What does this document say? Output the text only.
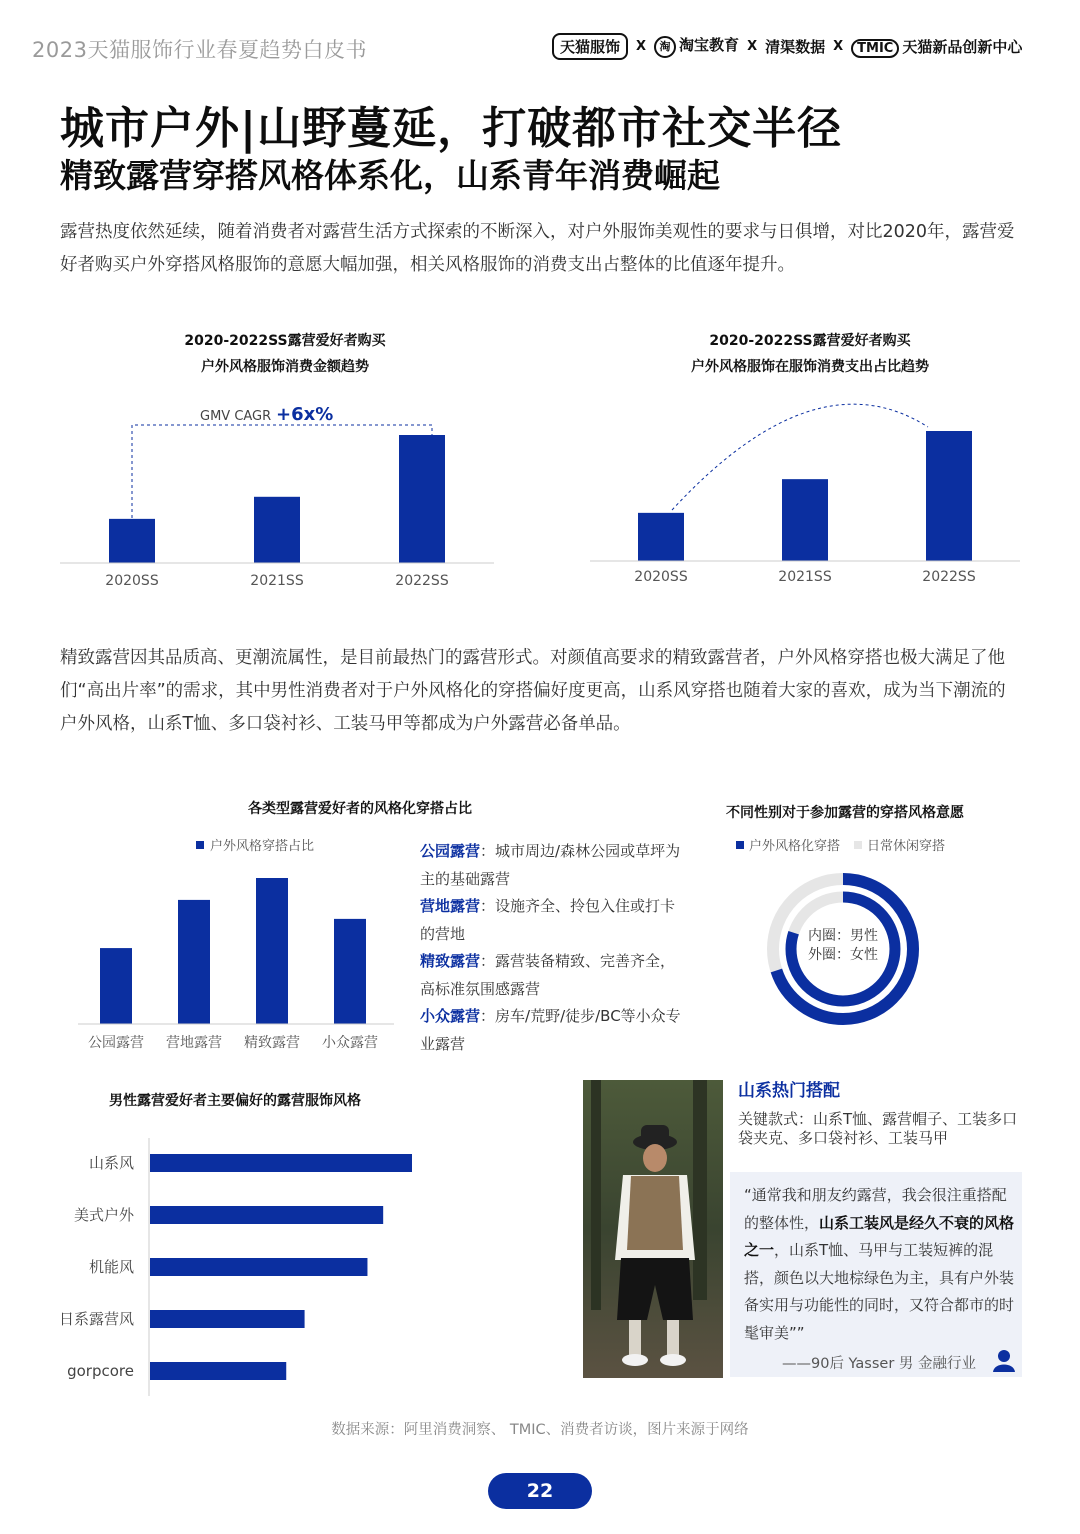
2023天猫服饰行业春夏趋势白皮书	天猫服饰	X	淘 淘宝教育 X 清渠数据 X	TMIC 天猫新品创新中心
城市户外|山野蔓延，打破都市社交半径
精致露营穿搭风格体系化，山系青年消费崛起
露营热度依然延续，随着消费者对露营生活方式探索的不断深入，对户外服饰美观性的要求与日俱增，对比2020年，露营爱好者购买户外穿搭风格服饰的意愿大幅加强，相关风格服饰的消费支出占整体的比值逐年提升。
2020-2022SS露营爱好者购买
户外风格服饰消费金额趋势
GMV CAGR +6x%
2020SS	2021SS	2022SS
2020-2022SS露营爱好者购买
户外风格服饰在服饰消费支出占比趋势
2020SS	2021SS	2022SS
精致露营因其品质高、更潮流属性，是目前最热门的露营形式。对颜值高要求的精致露营者，户外风格穿搭也极大满足了他们“高出片率”的需求，其中男性消费者对于户外风格化的穿搭偏好度更高，山系风穿搭也随着大家的喜欢，成为当下潮流的户外风格，山系T恤、多口袋衬衫、工装马甲等都成为户外露营必备单品。
各类型露营爱好者的风格化穿搭占比
户外风格穿搭占比
公园露营 营地露营 精致露营 小众露营
公园露营：城市周边/森林公园或草坪为主的基础露营
营地露营：设施齐全、拎包入住或打卡的营地
精致露营：露营装备精致、完善齐全，高标准氛围感露营
小众露营：房车/荒野/徒步/BC等小众专业露营
不同性别对于参加露营的穿搭风格意愿
户外风格化穿搭 日常休闲穿搭
内圈：男性
外圈：女性
男性露营爱好者主要偏好的露营服饰风格
山系风
美式户外
机能风
日系露营风
gorpcore
山系热门搭配
关键款式：山系T恤、露营帽子、工装多口袋夹克、多口袋衬衫、工装马甲
“通常我和朋友约露营，我会很注重搭配的整体性，山系工装风是经久不衰的风格之一，山系T恤、马甲与工装短裤的混搭，颜色以大地棕绿色为主，具有户外装备实用与功能性的同时，又符合都市的时髦审美””
——90后 Yasser 男 金融行业
数据来源：阿里消费洞察、 TMIC、消费者访谈，图片来源于网络
22
